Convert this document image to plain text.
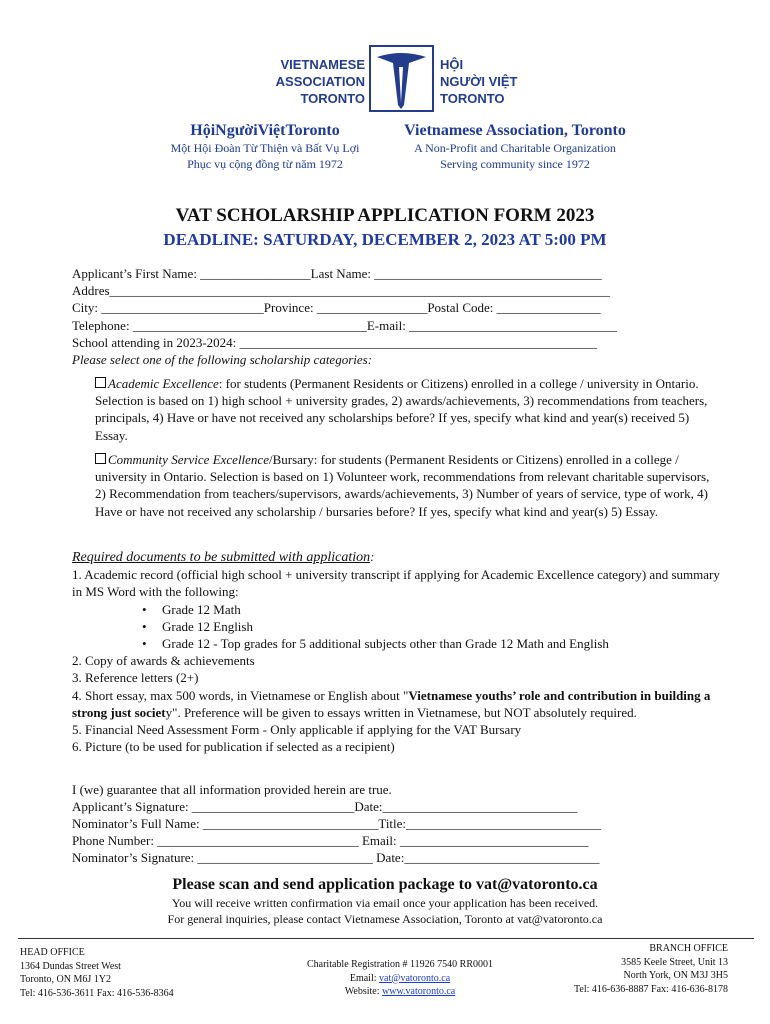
VIETNAMESE
ASSOCIATION
TORONTO
HỘI
NGƯỜI VIỆT
TORONTO
HộiNgườiViệtToronto
Một Hội Đoàn Từ Thiện và Bất Vụ Lợi
Phục vụ cộng đồng từ năm 1972
Vietnamese Association, Toronto
A Non-Profit and Charitable Organization
Serving community since 1972
VAT SCHOLARSHIP APPLICATION FORM 2023
DEADLINE: SATURDAY, DECEMBER 2, 2023 AT 5:00 PM
Applicant’s First Name: _________________Last Name: ___________________________________
Addres_____________________________________________________________________________
City: _________________________Province: _________________Postal Code: ________________
Telephone: ____________________________________E-mail: ________________________________
School attending in 2023-2024: _______________________________________________________
Please select one of the following scholarship categories:
Academic Excellence: for students (Permanent Residents or Citizens) enrolled in a college / university in Ontario. Selection is based on 1) high school + university grades, 2) awards/achievements, 3) recommendations from teachers, principals, 4) Have or have not received any scholarships before? If yes, specify what kind and year(s) received 5) Essay.
Community Service Excellence/Bursary: for students (Permanent Residents or Citizens) enrolled in a college / university in Ontario. Selection is based on 1) Volunteer work, recommendations from relevant charitable supervisors, 2) Recommendation from teachers/supervisors, awards/achievements, 3) Number of years of service, type of work, 4) Have or have not received any scholarship / bursaries before? If yes, specify what kind and year(s) 5) Essay.
Required documents to be submitted with application:
1. Academic record (official high school + university transcript if applying for Academic Excellence category) and summary in MS Word with the following:
• Grade 12 Math
• Grade 12 English
• Grade 12 - Top grades for 5 additional subjects other than Grade 12 Math and English
2. Copy of awards & achievements
3. Reference letters (2+)
4. Short essay, max 500 words, in Vietnamese or English about "Vietnamese youths’ role and contribution in building a strong just society". Preference will be given to essays written in Vietnamese, but NOT absolutely required.
5. Financial Need Assessment Form - Only applicable if applying for the VAT Bursary
6. Picture (to be used for publication if selected as a recipient)
I (we) guarantee that all information provided herein are true.
Applicant’s Signature: _________________________Date:______________________________
Nominator’s Full Name: ___________________________Title:______________________________
Phone Number: _______________________________ Email: _____________________________
Nominator’s Signature: ___________________________ Date:______________________________
Please scan and send application package to vat@vatoronto.ca
You will receive written confirmation via email once your application has been received.
For general inquiries, please contact Vietnamese Association, Toronto at vat@vatoronto.ca
HEAD OFFICE
1364 Dundas Street West
Toronto, ON M6J 1Y2
Tel: 416-536-3611 Fax: 416-536-8364
Charitable Registration # 11926 7540 RR0001
Email: vat@vatoronto.ca
Website: www.vatoronto.ca
BRANCH OFFICE
3585 Keele Street, Unit 13
North York, ON M3J 3H5
Tel: 416-636-8887 Fax: 416-636-8178
